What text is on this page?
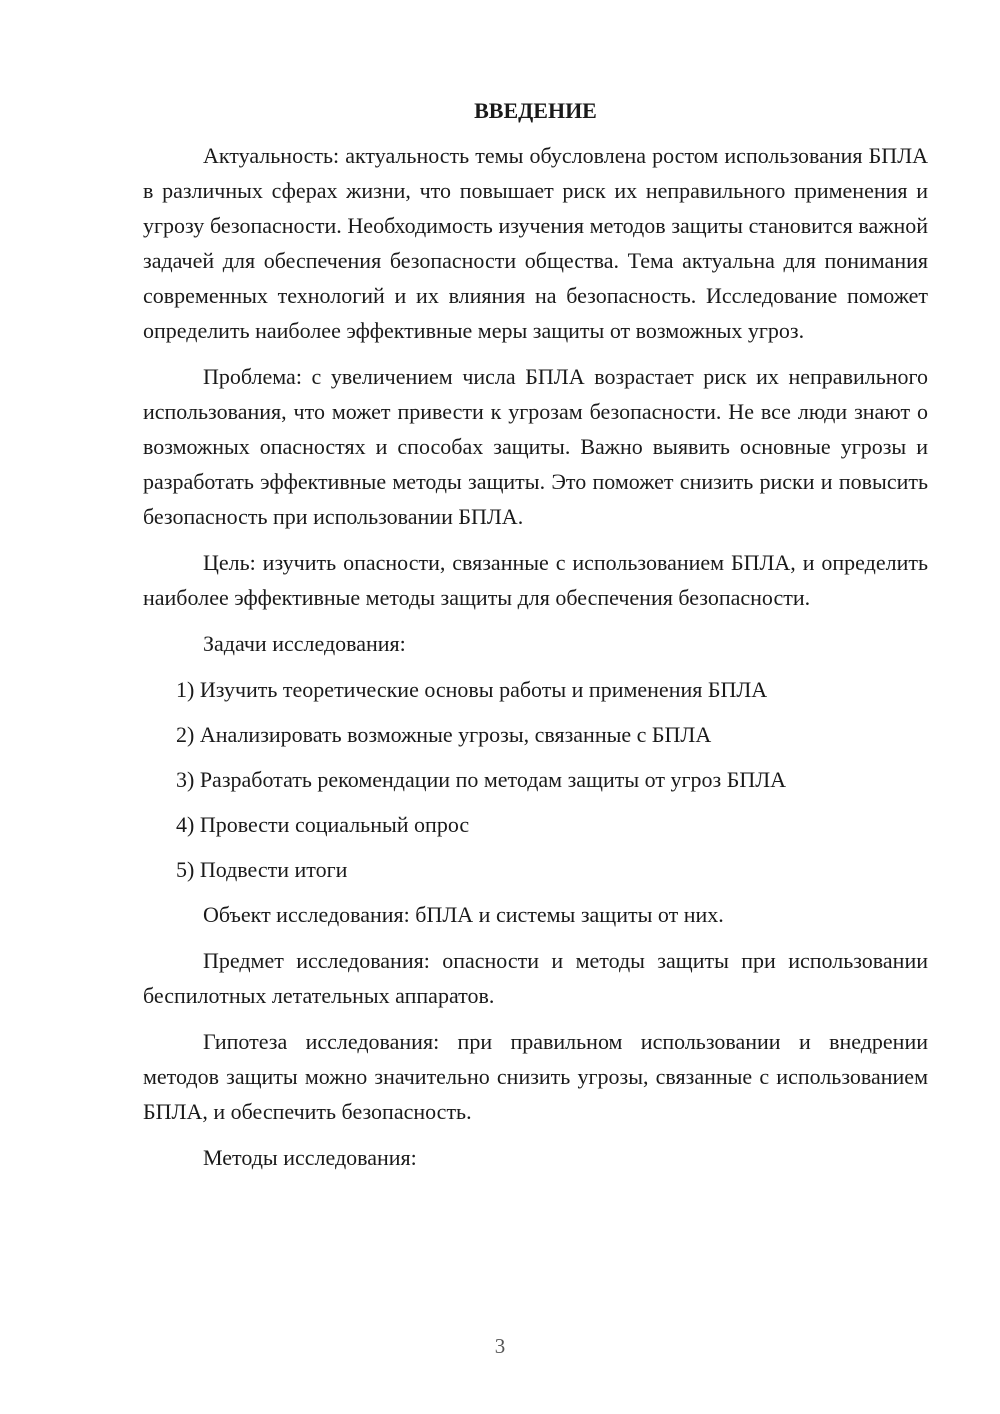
ВВЕДЕНИЕ

Актуальность: актуальность темы обусловлена ростом использования БПЛА в различных сферах жизни, что повышает риск их неправильного применения и угрозу безопасности. Необходимость изучения методов защиты становится важной задачей для обеспечения безопасности общества. Тема актуальна для понимания современных технологий и их влияния на безопасность. Исследование поможет определить наиболее эффективные меры защиты от возможных угроз.

Проблема: с увеличением числа БПЛА возрастает риск их неправильного использования, что может привести к угрозам безопасности. Не все люди знают о возможных опасностях и способах защиты. Важно выявить основные угрозы и разработать эффективные методы защиты. Это поможет снизить риски и повысить безопасность при использовании БПЛА.

Цель: изучить опасности, связанные с использованием БПЛА, и определить наиболее эффективные методы защиты для обеспечения безопасности.

Задачи исследования:

1) Изучить теоретические основы работы и применения БПЛА
2) Анализировать возможные угрозы, связанные с БПЛА
3) Разработать рекомендации по методам защиты от угроз БПЛА
4) Провести социальный опрос
5) Подвести итоги

Объект исследования: бПЛА и системы защиты от них.

Предмет исследования: опасности и методы защиты при использовании беспилотных летательных аппаратов.

Гипотеза исследования: при правильном использовании и внедрении методов защиты можно значительно снизить угрозы, связанные с использованием БПЛА, и обеспечить безопасность.

Методы исследования:

3
